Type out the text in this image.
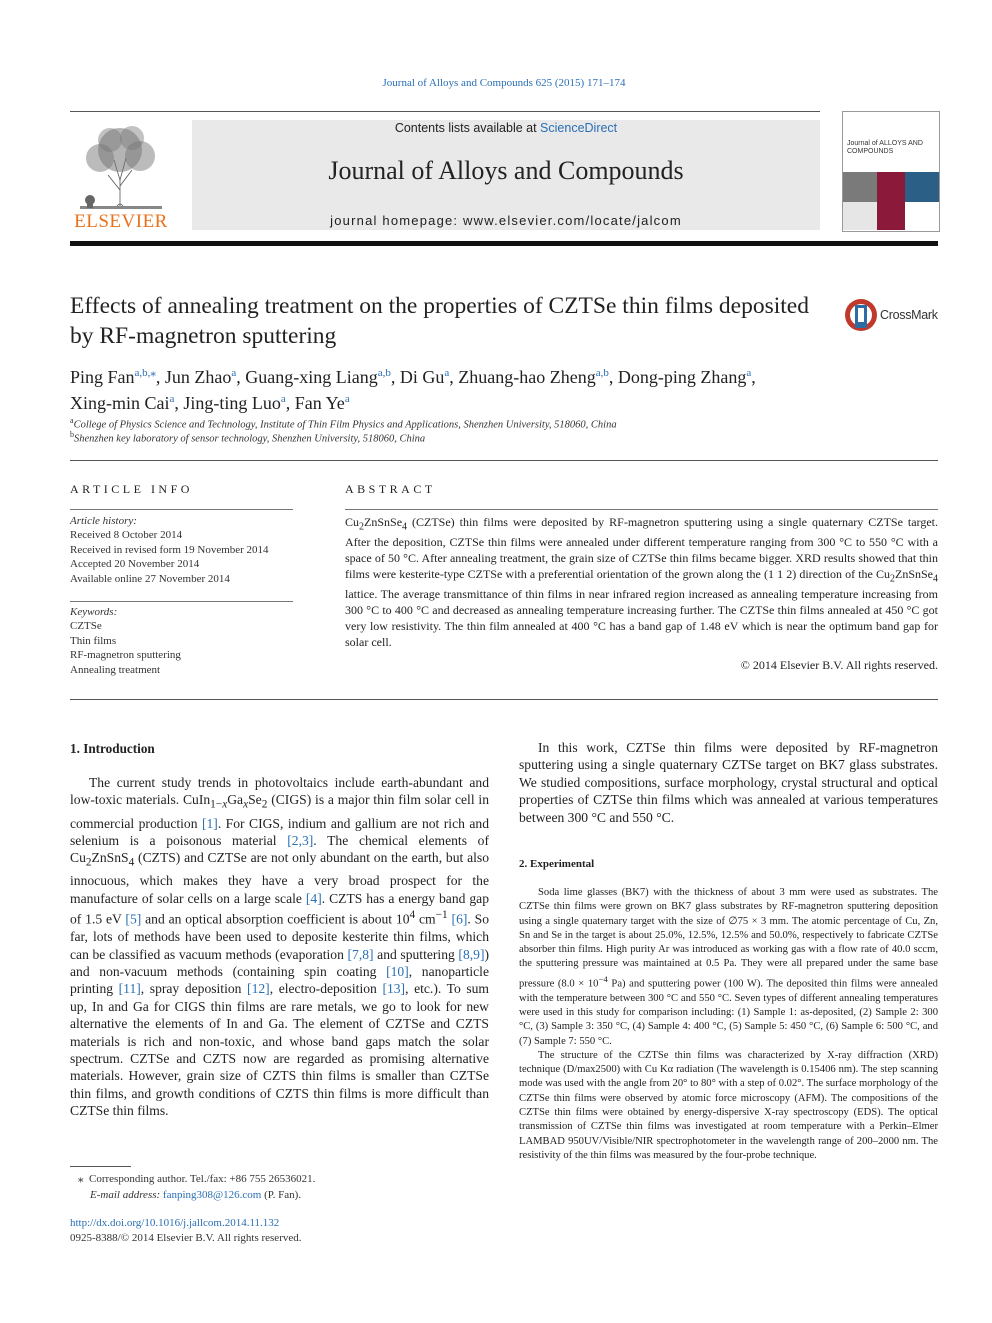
Journal of Alloys and Compounds 625 (2015) 171–174
ELSEVIER
Contents lists available at ScienceDirect
Journal of Alloys and Compounds
journal homepage: www.elsevier.com/locate/jalcom
Journal of ALLOYS AND COMPOUNDS
Effects of annealing treatment on the properties of CZTSe thin films deposited by RF-magnetron sputtering
CrossMark
Ping Fan$^{a,b,⁎}$, Jun Zhao$^a$, Guang-xing Liang$^{a,b}$, Di Gu$^a$, Zhuang-hao Zheng$^{a,b}$, Dong-ping Zhang$^a$,
Xing-min Cai$^a$, Jing-ting Luo$^a$, Fan Ye$^a$
$^a$College of Physics Science and Technology, Institute of Thin Film Physics and Applications, Shenzhen University, 518060, China
$^b$Shenzhen key laboratory of sensor technology, Shenzhen University, 518060, China
ARTICLE INFO
Article history:
Received 8 October 2014
Received in revised form 19 November 2014
Accepted 20 November 2014
Available online 27 November 2014
Keywords:
CZTSe
Thin films
RF-magnetron sputtering
Annealing treatment
ABSTRACT
$Cu_2ZnSnSe_4$ (CZTSe) thin films were deposited by RF-magnetron sputtering using a single quaternary CZTSe target. After the deposition, CZTSe thin films were annealed under different temperature ranging from 300 °C to 550 °C with a space of 50 °C. After annealing treatment, the grain size of CZTSe thin films became bigger. XRD results showed that thin films were kesterite-type CZTSe with a preferential orientation of the grown along the (1 1 2) direction of the $Cu_2ZnSnSe_4$ lattice. The average transmittance of thin films in near infrared region increased as annealing temperature increasing from 300 °C to 400 °C and decreased as annealing temperature increasing further. The CZTSe thin films annealed at 450 °C got very low resistivity. The thin film annealed at 400 °C has a band gap of 1.48 eV which is near the optimum band gap for solar cell.
© 2014 Elsevier B.V. All rights reserved.
1. Introduction

The current study trends in photovoltaics include earth-abundant and low-toxic materials. $CuIn_{1-x}Ga_xSe_2$ (CIGS) is a major thin film solar cell in commercial production [1]. For CIGS, indium and gallium are not rich and selenium is a poisonous material [2,3]. The chemical elements of $Cu_2ZnSnS_4$ (CZTS) and CZTSe are not only abundant on the earth, but also innocuous, which makes they have a very broad prospect for the manufacture of solar cells on a large scale [4]. CZTS has a energy band gap of 1.5 eV [5] and an optical absorption coefficient is about $10^4$ $cm^{-1}$ [6]. So far, lots of methods have been used to deposite kesterite thin films, which can be classified as vacuum methods (evaporation [7,8] and sputtering [8,9]) and non-vacuum methods (containing spin coating [10], nanoparticle printing [11], spray deposition [12], electro-deposition [13], etc.). To sum up, In and Ga for CIGS thin films are rare metals, we go to look for new alternative the elements of In and Ga. The element of CZTSe and CZTS materials is rich and non-toxic, and whose band gaps match the solar spectrum. CZTSe and CZTS now are regarded as promising alternative materials. However, grain size of CZTS thin films is smaller than CZTSe thin films, and growth conditions of CZTS thin films is more difficult than CZTSe thin films.

⁎ Corresponding author. Tel./fax: +86 755 26536021.
E-mail address: fanping308@126.com (P. Fan).
http://dx.doi.org/10.1016/j.jallcom.2014.11.132
0925-8388/© 2014 Elsevier B.V. All rights reserved.

In this work, CZTSe thin films were deposited by RF-magnetron sputtering using a single quaternary CZTSe target on BK7 glass substrates. We studied compositions, surface morphology, crystal structural and optical properties of CZTSe thin films which was annealed at various temperatures between 300 °C and 550 °C.

2. Experimental

Soda lime glasses (BK7) with the thickness of about 3 mm were used as substrates. The CZTSe thin films were grown on BK7 glass substrates by RF-magnetron sputtering deposition using a single quaternary target with the size of ∅75 × 3 mm. The atomic percentage of Cu, Zn, Sn and Se in the target is about 25.0%, 12.5%, 12.5% and 50.0%, respectively to fabricate CZTSe absorber thin films. High purity Ar was introduced as working gas with a flow rate of 40.0 sccm, the sputtering pressure was maintained at 0.5 Pa. They were all prepared under the same base pressure ($8.0 \times 10^{-4}$ Pa) and sputtering power (100 W). The deposited thin films were annealed with the temperature between 300 °C and 550 °C. Seven types of different annealing temperatures were used in this study for comparison including: (1) Sample 1: as-deposited, (2) Sample 2: 300 °C, (3) Sample 3: 350 °C, (4) Sample 4: 400 °C, (5) Sample 5: 450 °C, (6) Sample 6: 500 °C, and (7) Sample 7: 550 °C.

The structure of the CZTSe thin films was characterized by X-ray diffraction (XRD) technique (D/max2500) with Cu Kα radiation (The wavelength is 0.15406 nm). The step scanning mode was used with the angle from 20° to 80° with a step of 0.02°. The surface morphology of the CZTSe thin films were observed by atomic force microscopy (AFM). The compositions of the CZTSe thin films were obtained by energy-dispersive X-ray spectroscopy (EDS). The optical transmission of CZTSe thin films was investigated at room temperature with a Perkin–Elmer LAMBAD 950UV/Visible/NIR spectrophotometer in the wavelength range of 200–2000 nm. The resistivity of the thin films was measured by the four-probe technique.
